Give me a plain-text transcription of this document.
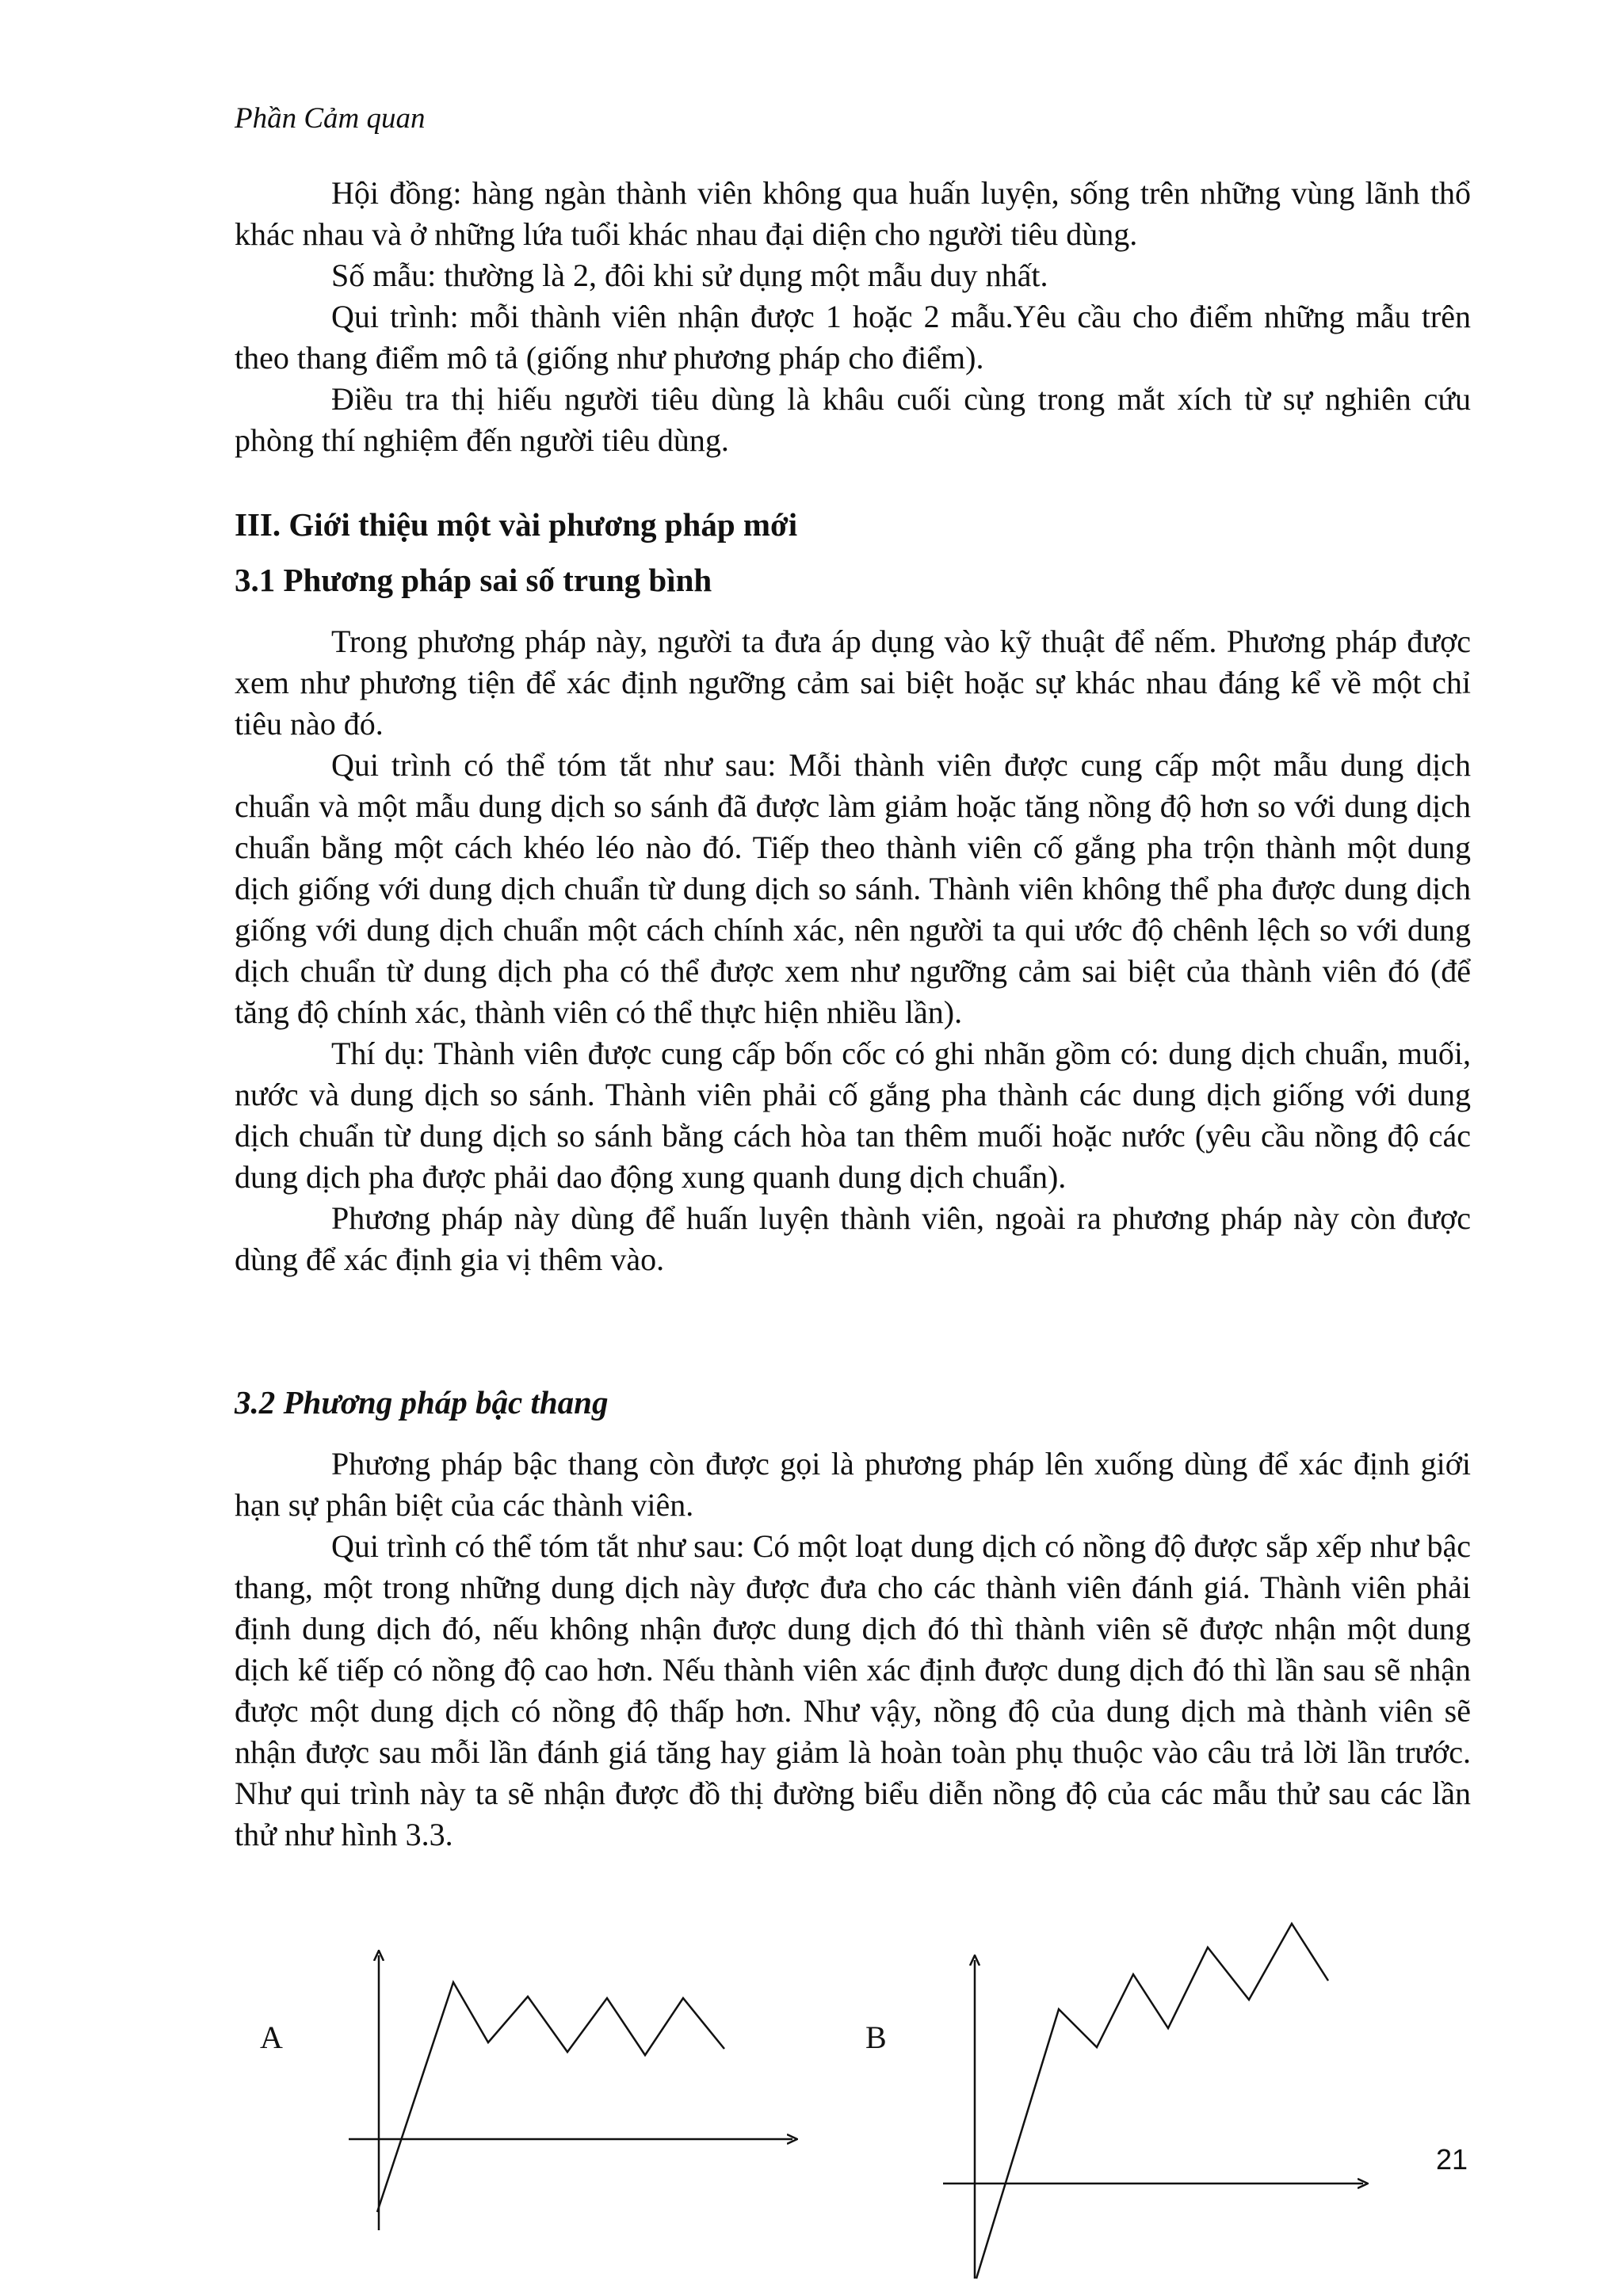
Phần Cảm quan

Hội đồng: hàng ngàn thành viên không qua huấn luyện, sống trên những vùng lãnh thổ khác nhau và ở những lứa tuổi khác nhau đại diện cho người tiêu dùng.

Số mẫu: thường là 2, đôi khi sử dụng một mẫu duy nhất.

Qui trình: mỗi thành viên nhận được 1 hoặc 2 mẫu.Yêu cầu cho điểm những mẫu trên theo thang điểm mô tả (giống như phương pháp cho điểm).

Điều tra thị hiếu người tiêu dùng là khâu cuối cùng trong mắt xích từ sự nghiên cứu phòng thí nghiệm đến người tiêu dùng.

III. Giới thiệu một vài phương pháp mới

3.1 Phương pháp sai số trung bình

Trong phương pháp này, người ta đưa áp dụng vào kỹ thuật để nếm. Phương pháp được xem như phương tiện để xác định ngưỡng cảm sai biệt hoặc sự khác nhau đáng kể về một chỉ tiêu nào đó.

Qui trình có thể tóm tắt như sau: Mỗi thành viên được cung cấp một mẫu dung dịch chuẩn và một mẫu dung dịch so sánh đã được làm giảm hoặc tăng nồng độ hơn so với dung dịch chuẩn bằng một cách khéo léo nào đó. Tiếp theo thành viên cố gắng pha trộn thành một dung dịch giống với dung dịch chuẩn từ dung dịch so sánh. Thành viên không thể pha được dung dịch giống với dung dịch chuẩn một cách chính xác, nên người ta qui ước độ chênh lệch so với dung dịch chuẩn từ dung dịch pha có thể được xem như ngưỡng cảm sai biệt của thành viên đó (để tăng độ chính xác, thành viên có thể thực hiện nhiều lần).

Thí dụ: Thành viên được cung cấp bốn cốc có ghi nhãn gồm có: dung dịch chuẩn, muối, nước và dung dịch so sánh. Thành viên phải cố gắng pha thành các dung dịch giống với dung dịch chuẩn từ dung dịch so sánh bằng cách hòa tan thêm muối hoặc nước (yêu cầu nồng độ các dung dịch pha được phải dao động xung quanh dung dịch chuẩn).

Phương pháp này dùng để huấn luyện thành viên, ngoài ra phương pháp này còn được dùng để xác định gia vị thêm vào.

3.2 Phương pháp bậc thang

Phương pháp bậc thang còn được gọi là phương pháp lên xuống dùng để xác định giới hạn sự phân biệt của các thành viên.

Qui trình có thể tóm tắt như sau: Có một loạt dung dịch có nồng độ được sắp xếp như bậc thang, một trong những dung dịch này được đưa cho các thành viên đánh giá. Thành viên phải định dung dịch đó, nếu không nhận được dung dịch đó thì thành viên sẽ được nhận một dung dịch kế tiếp có nồng độ cao hơn. Nếu thành viên xác định được dung dịch đó thì lần sau sẽ nhận được một dung dịch có nồng độ thấp hơn. Như vậy, nồng độ của dung dịch mà thành viên sẽ nhận được sau mỗi lần đánh giá tăng hay giảm là hoàn toàn phụ thuộc vào câu trả lời lần trước. Như qui trình này ta sẽ nhận được đồ thị đường biểu diễn nồng độ của các mẫu thử sau các lần thử như hình 3.3.

A	B
21
